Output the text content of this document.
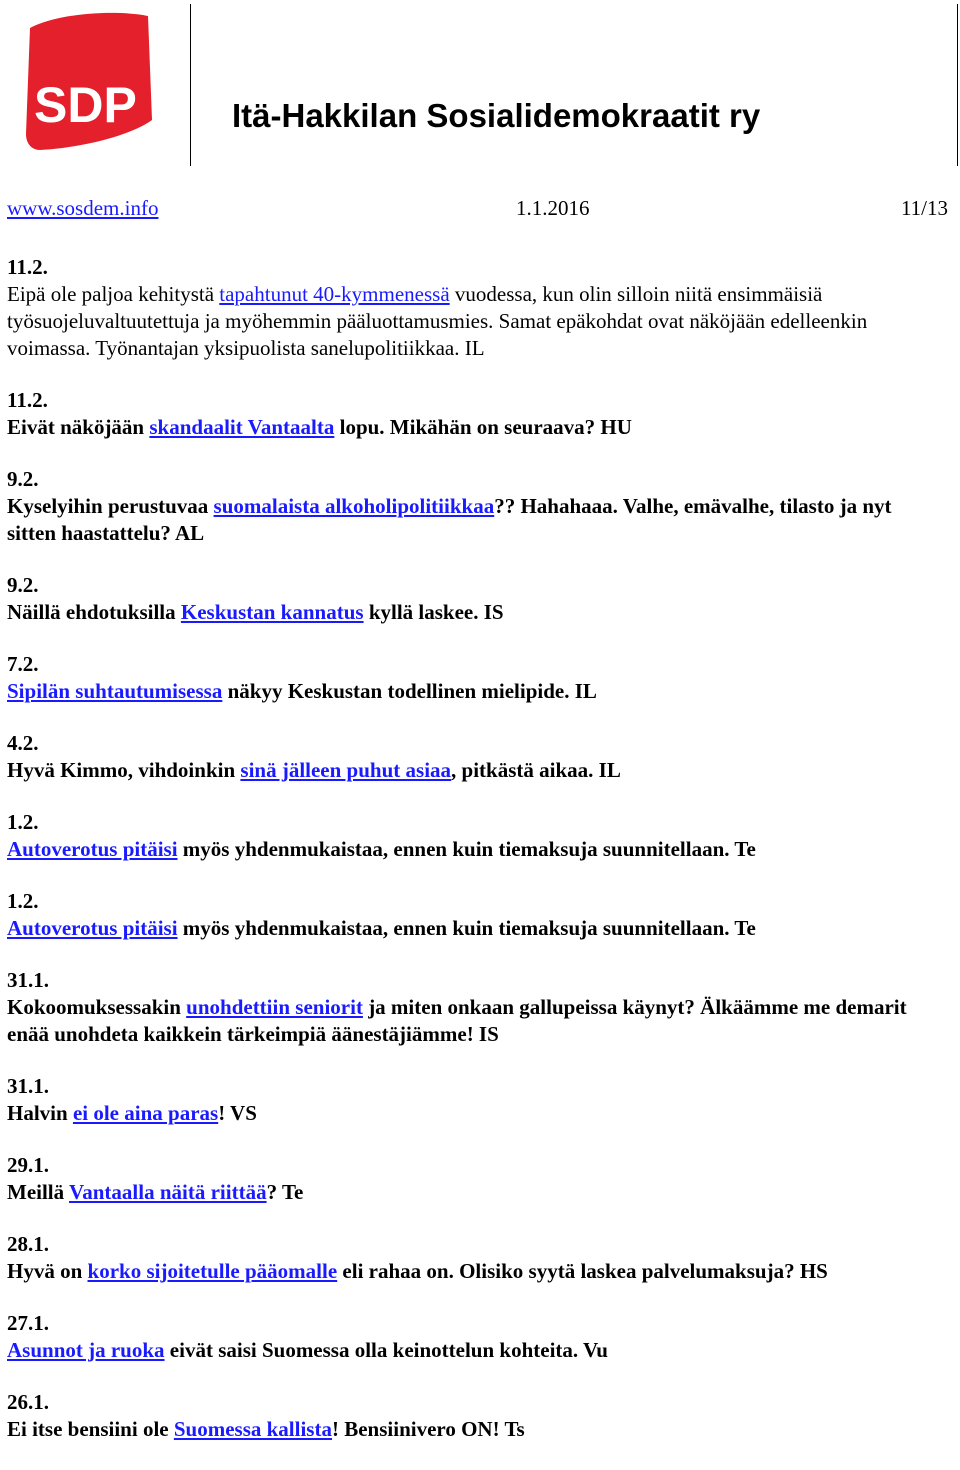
SDP	Itä-Hakkilan Sosialidemokraatit ry
www.sosdem.info	1.1.2016	11/13
11.2.
Eipä ole paljoa kehitystä tapahtunut 40-kymmenessä vuodessa, kun olin silloin niitä ensimmäisiä työsuojeluvaltuutettuja ja myöhemmin pääluottamusmies. Samat epäkohdat ovat näköjään edelleenkin voimassa. Työnantajan yksipuolista sanelupolitiikkaa. IL
11.2.
Eivät näköjään skandaalit Vantaalta lopu. Mikähän on seuraava? HU
9.2.
Kyselyihin perustuvaa suomalaista alkoholipolitiikkaa?? Hahahaaa. Valhe, emävalhe, tilasto ja nyt sitten haastattelu? AL
9.2.
Näillä ehdotuksilla Keskustan kannatus kyllä laskee. IS
7.2.
Sipilän suhtautumisessa näkyy Keskustan todellinen mielipide. IL
4.2.
Hyvä Kimmo, vihdoinkin sinä jälleen puhut asiaa, pitkästä aikaa. IL
1.2.
Autoverotus pitäisi myös yhdenmukaistaa, ennen kuin tiemaksuja suunnitellaan. Te
1.2.
Autoverotus pitäisi myös yhdenmukaistaa, ennen kuin tiemaksuja suunnitellaan. Te
31.1.
Kokoomuksessakin unohdettiin seniorit ja miten onkaan gallupeissa käynyt? Älkäämme me demarit enää unohdeta kaikkein tärkeimpiä äänestäjiämme! IS
31.1.
Halvin ei ole aina paras! VS
29.1.
Meillä Vantaalla näitä riittää? Te
28.1.
Hyvä on korko sijoitetulle pääomalle eli rahaa on. Olisiko syytä laskea palvelumaksuja? HS
27.1.
Asunnot ja ruoka eivät saisi Suomessa olla keinottelun kohteita. Vu
26.1.
Ei itse bensiini ole Suomessa kallista! Bensiinivero ON! Ts
